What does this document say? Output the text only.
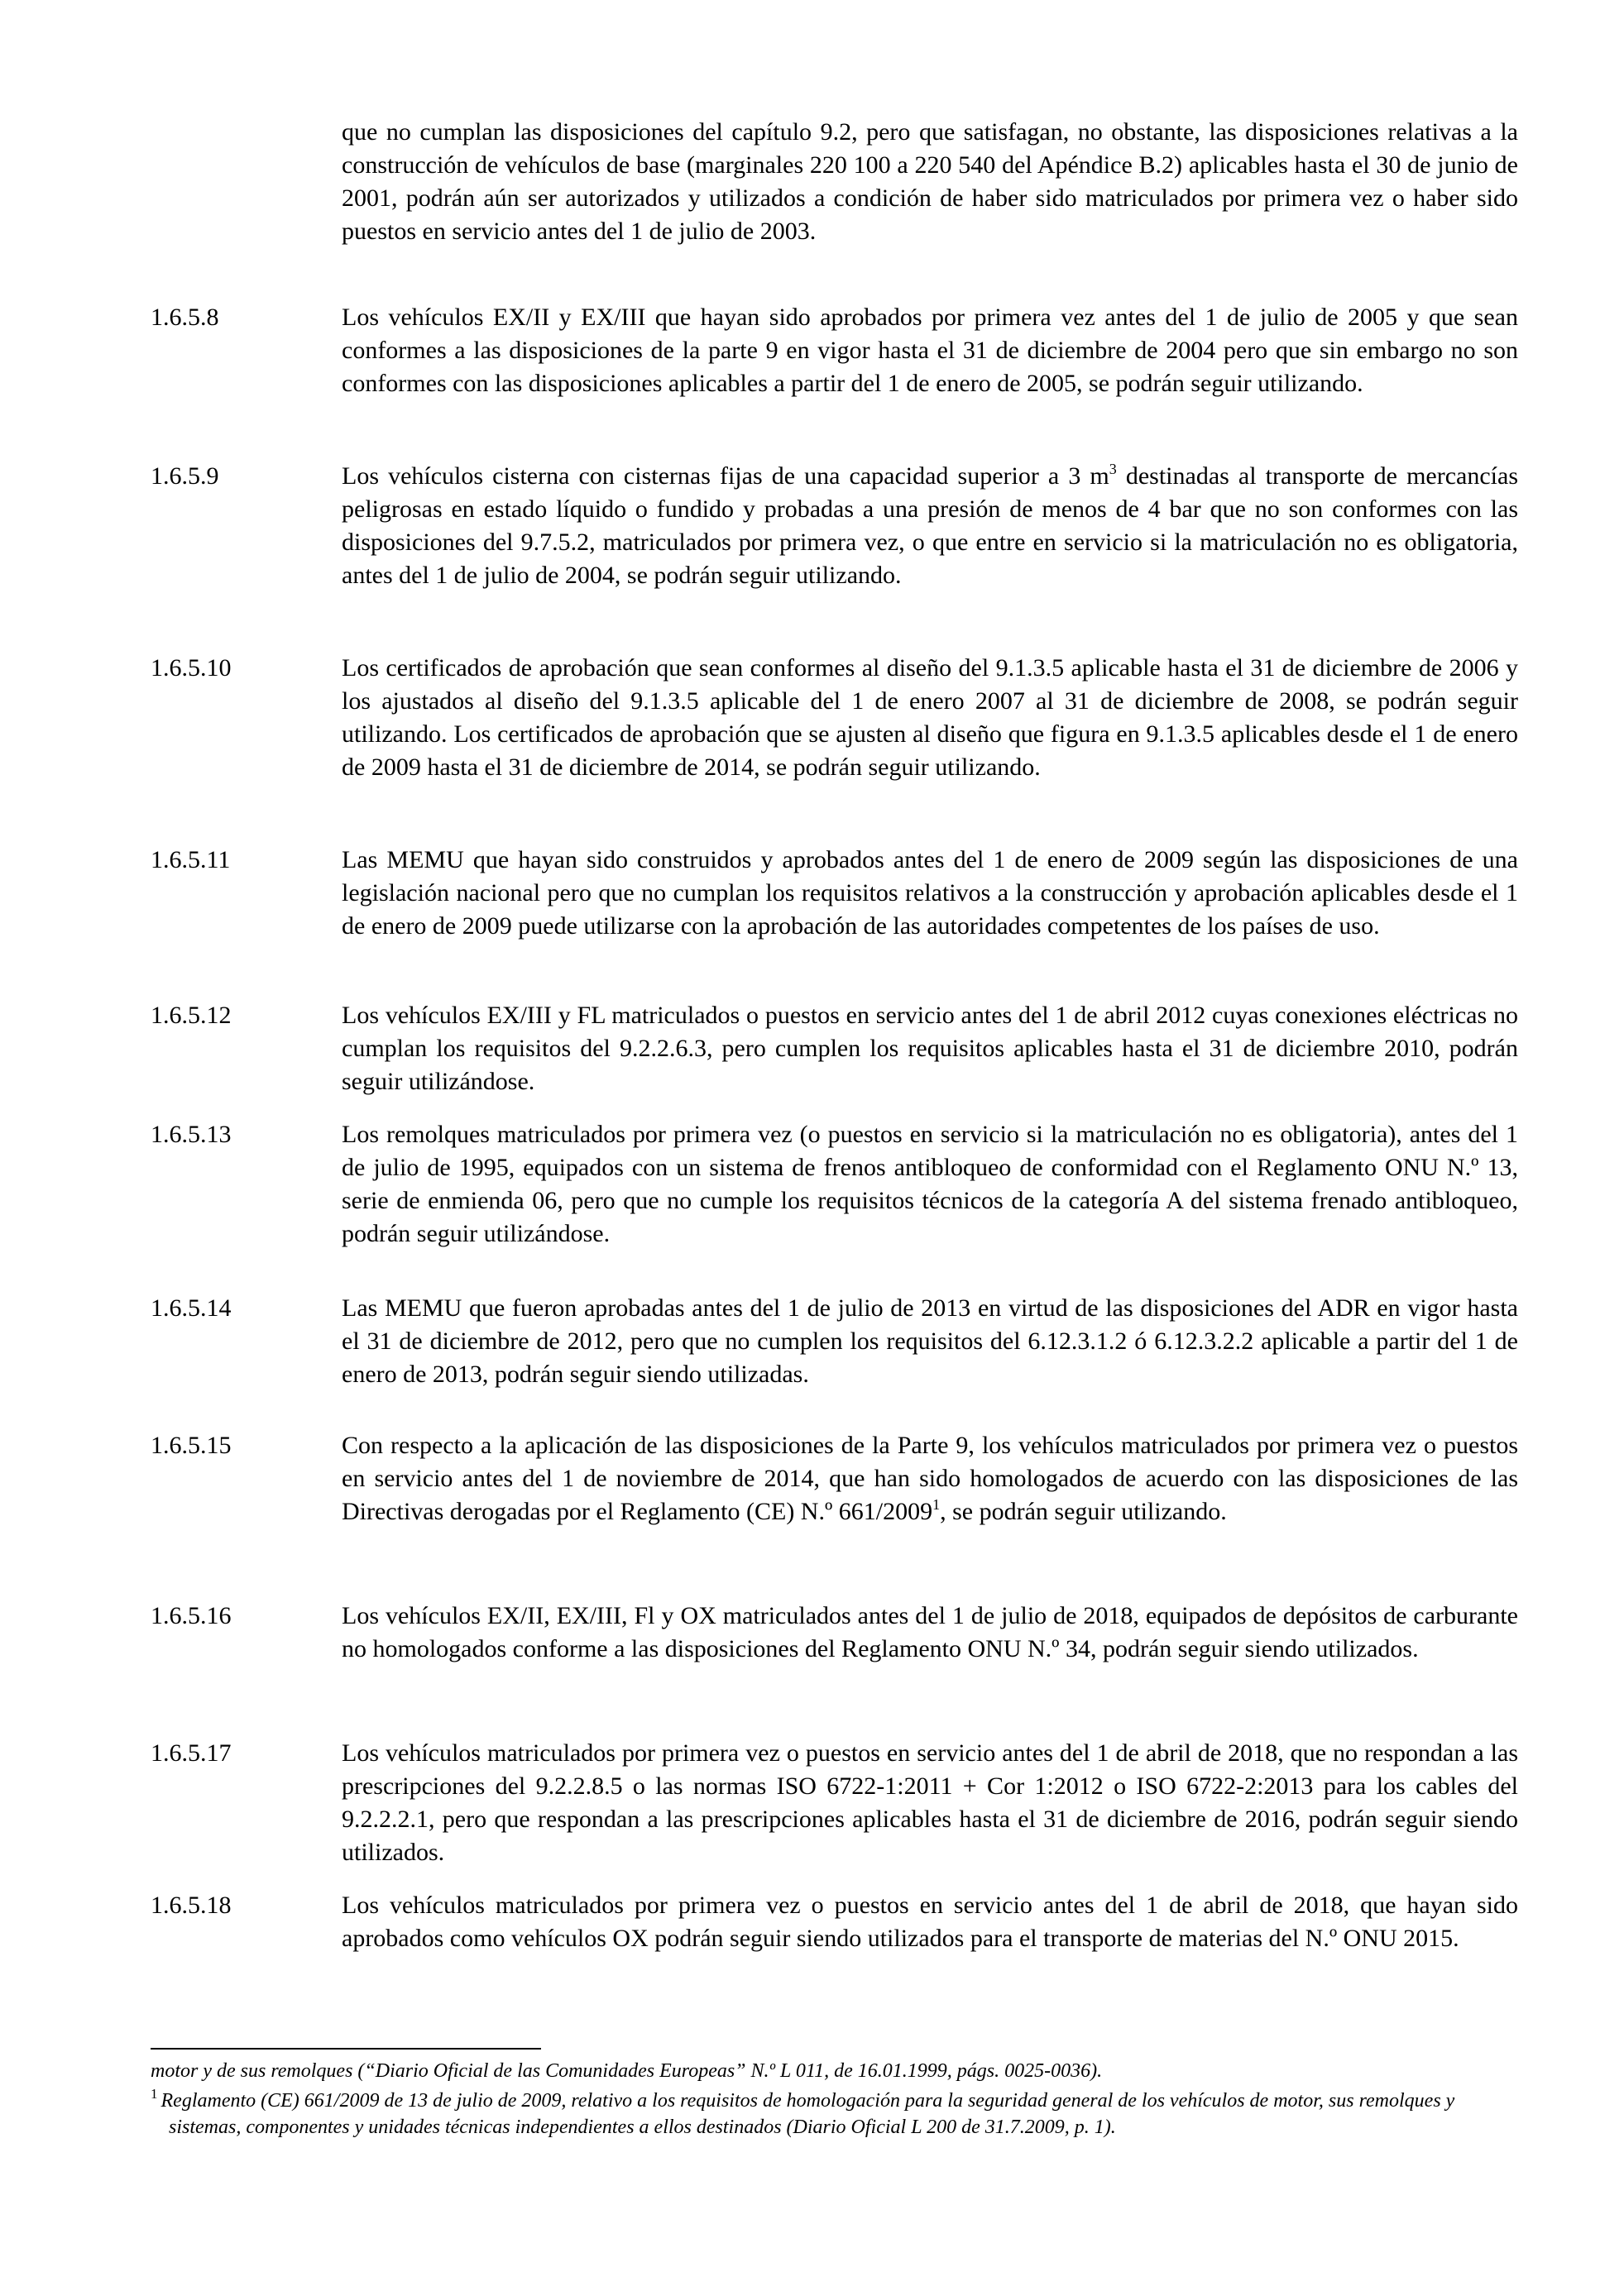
que no cumplan las disposiciones del capítulo 9.2, pero que satisfagan, no obstante, las disposiciones relativas a la construcción de vehículos de base (marginales 220 100 a 220 540 del Apéndice B.2) aplicables hasta el 30 de junio de 2001, podrán aún ser autorizados y utilizados a condición de haber sido matriculados por primera vez o haber sido puestos en servicio antes del 1 de julio de 2003.
1.6.5.8	Los vehículos EX/II y EX/III que hayan sido aprobados por primera vez antes del 1 de julio de 2005 y que sean conformes a las disposiciones de la parte 9 en vigor hasta el 31 de diciembre de 2004 pero que sin embargo no son conformes con las disposiciones aplicables a partir del 1 de enero de 2005, se podrán seguir utilizando.
1.6.5.9	Los vehículos cisterna con cisternas fijas de una capacidad superior a 3 $m^3$ destinadas al transporte de mercancías peligrosas en estado líquido o fundido y probadas a una presión de menos de 4 bar que no son conformes con las disposiciones del 9.7.5.2, matriculados por primera vez, o que entre en servicio si la matriculación no es obligatoria, antes del 1 de julio de 2004, se podrán seguir utilizando.
1.6.5.10	Los certificados de aprobación que sean conformes al diseño del 9.1.3.5 aplicable hasta el 31 de diciembre de 2006 y los ajustados al diseño del 9.1.3.5 aplicable del 1 de enero 2007 al 31 de diciembre de 2008, se podrán seguir utilizando. Los certificados de aprobación que se ajusten al diseño que figura en 9.1.3.5 aplicables desde el 1 de enero de 2009 hasta el 31 de diciembre de 2014, se podrán seguir utilizando.
1.6.5.11	Las MEMU que hayan sido construidos y aprobados antes del 1 de enero de 2009 según las disposiciones de una legislación nacional pero que no cumplan los requisitos relativos a la construcción y aprobación aplicables desde el 1 de enero de 2009 puede utilizarse con la aprobación de las autoridades competentes de los países de uso.
1.6.5.12	Los vehículos EX/III y FL matriculados o puestos en servicio antes del 1 de abril 2012 cuyas conexiones eléctricas no cumplan los requisitos del 9.2.2.6.3, pero cumplen los requisitos aplicables hasta el 31 de diciembre 2010, podrán seguir utilizándose.
1.6.5.13	Los remolques matriculados por primera vez (o puestos en servicio si la matriculación no es obligatoria), antes del 1 de julio de 1995, equipados con un sistema de frenos antibloqueo de conformidad con el Reglamento ONU N.º 13, serie de enmienda 06, pero que no cumple los requisitos técnicos de la categoría A del sistema frenado antibloqueo, podrán seguir utilizándose.
1.6.5.14	Las MEMU que fueron aprobadas antes del 1 de julio de 2013 en virtud de las disposiciones del ADR en vigor hasta el 31 de diciembre de 2012, pero que no cumplen los requisitos del 6.12.3.1.2 ó 6.12.3.2.2 aplicable a partir del 1 de enero de 2013, podrán seguir siendo utilizadas.
1.6.5.15	Con respecto a la aplicación de las disposiciones de la Parte 9, los vehículos matriculados por primera vez o puestos en servicio antes del 1 de noviembre de 2014, que han sido homologados de acuerdo con las disposiciones de las Directivas derogadas por el Reglamento (CE) N.º 661/2009$^1$, se podrán seguir utilizando.
1.6.5.16	Los vehículos EX/II, EX/III, Fl y OX matriculados antes del 1 de julio de 2018, equipados de depósitos de carburante no homologados conforme a las disposiciones del Reglamento ONU N.º 34, podrán seguir siendo utilizados.
1.6.5.17	Los vehículos matriculados por primera vez o puestos en servicio antes del 1 de abril de 2018, que no respondan a las prescripciones del 9.2.2.8.5 o las normas ISO 6722-1:2011 + Cor 1:2012 o ISO 6722-2:2013 para los cables del 9.2.2.2.1, pero que respondan a las prescripciones aplicables hasta el 31 de diciembre de 2016, podrán seguir siendo utilizados.
1.6.5.18	Los vehículos matriculados por primera vez o puestos en servicio antes del 1 de abril de 2018, que hayan sido aprobados como vehículos OX podrán seguir siendo utilizados para el transporte de materias del N.º ONU 2015.
motor y de sus remolques (“Diario Oficial de las Comunidades Europeas” N.º L 011, de 16.01.1999, págs. 0025-0036).
$^1$ Reglamento (CE) 661/2009 de 13 de julio de 2009, relativo a los requisitos de homologación para la seguridad general de los vehículos de motor, sus remolques y sistemas, componentes y unidades técnicas independientes a ellos destinados (Diario Oficial L 200 de 31.7.2009, p. 1).
